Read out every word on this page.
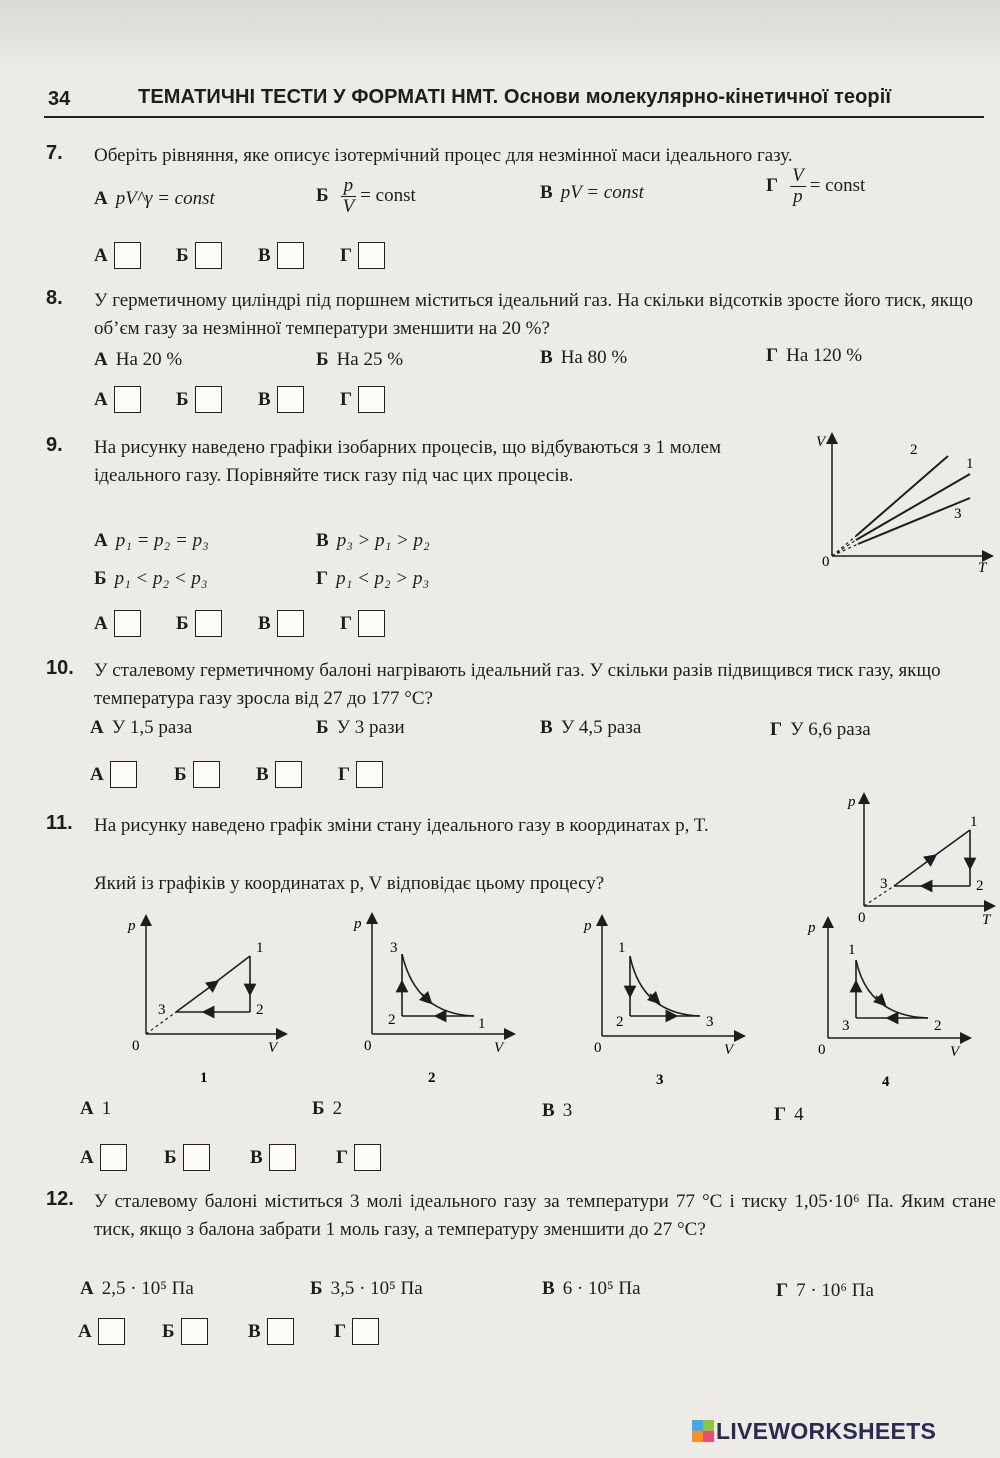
34	ТЕМАТИЧНІ ТЕСТИ У ФОРМАТІ НМТ. Основи молекулярно-кінетичної теорії
7. Оберіть рівняння, яке описує ізотермічний процес для незмінної маси ідеального газу.
А pV^γ = const	Б $\frac{p}{V}$ = const	В pV = const	Г $\frac{V}{p}$ = const
А	Б	В	Г
8. У герметичному циліндрі під поршнем міститься ідеальний газ. На скільки відсотків зросте його тиск, якщо об’єм газу за незмінної температури зменшити на 20 %?
А На 20 %	Б На 25 %	В На 80 %	Г На 120 %
А	Б	В	Г
9. На рисунку наведено графіки ізобарних процесів, що відбуваються з 1 молем ідеального газу. Порівняйте тиск газу під час цих процесів.
А p₁ = p₂ = p₃	В p₃ > p₁ > p₂
Б p₁ < p₂ < p₃	Г p₁ < p₂ > p₃
А	Б	В	Г
V
T
0
2
1
3
10. У сталевому герметичному балоні нагрівають ідеальний газ. У скільки разів підвищився тиск газу, якщо температура газу зросла від 27 до 177 °С?
А У 1,5 раза	Б У 3 рази	В У 4,5 раза	Г У 6,6 раза
А	Б	В	Г
11. На рисунку наведено графік зміни стану ідеального газу в координатах p, T.
Який із графіків у координатах p, V відповідає цьому процесу?
А 1	Б 2	В 3	Г 4
А	Б	В	Г
p
T
0
1
2
3
p
V
0
1
2
3
1
p
V
0
3
2	1
2
p
V
0
1
2	3
3
p
V
0
1
3	2
4
12. У сталевому балоні міститься 3 молі ідеального газу за температури 77 °С і тиску 1,05·10⁶ Па. Яким стане тиск, якщо з балона забрати 1 моль газу, а температуру зменшити до 27 °С?
А 2,5 · 10⁵ Па	Б 3,5 · 10⁵ Па	В 6 · 10⁵ Па	Г 7 · 10⁶ Па
А	Б	В	Г
LIVEWORKSHEETS
